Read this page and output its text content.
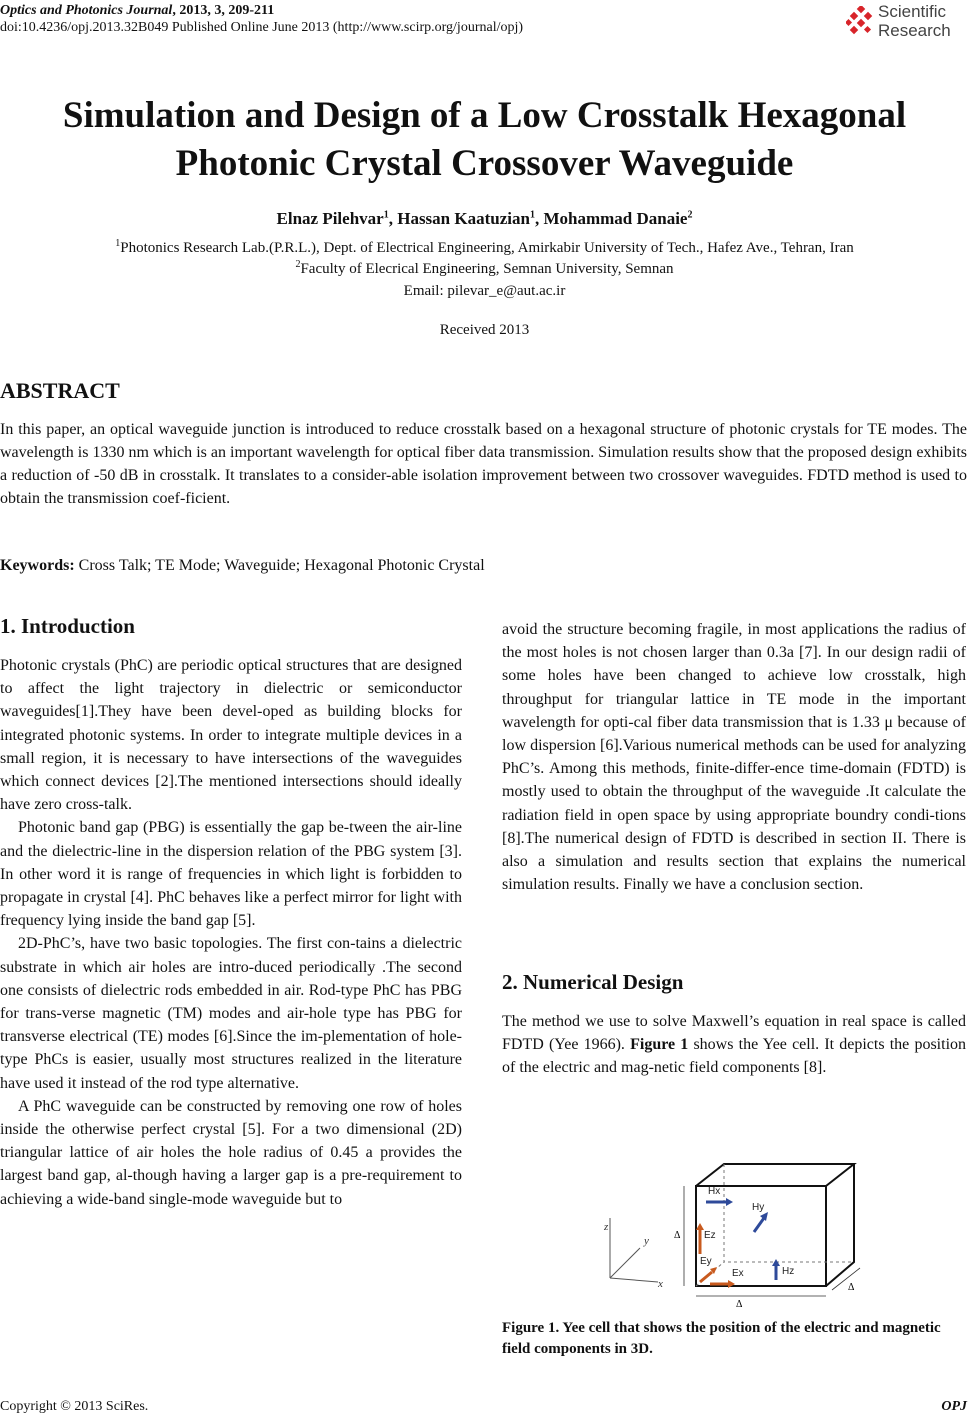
Optics and Photonics Journal, 2013, 3, 209-211
doi:10.4236/opj.2013.32B049 Published Online June 2013 (http://www.scirp.org/journal/opj)
Scientific
Research
Simulation and Design of a Low Crosstalk Hexagonal
Photonic Crystal Crossover Waveguide
Elnaz Pilehvar$^1$, Hassan Kaatuzian$^1$, Mohammad Danaie$^2$
$^1$Photonics Research Lab.(P.R.L.), Dept. of Electrical Engineering, Amirkabir University of Tech., Hafez Ave., Tehran, Iran
$^2$Faculty of Elecrical Engineering, Semnan University, Semnan
Email: pilevar_e@aut.ac.ir
Received 2013
ABSTRACT
In this paper, an optical waveguide junction is introduced to reduce crosstalk based on a hexagonal structure of photonic crystals for TE modes. The wavelength is 1330 nm which is an important wavelength for optical fiber data transmission. Simulation results show that the proposed design exhibits a reduction of -50 dB in crosstalk. It translates to a consider-able isolation improvement between two crossover waveguides. FDTD method is used to obtain the transmission coef-ficient.
Keywords: Cross Talk; TE Mode; Waveguide; Hexagonal Photonic Crystal
1. Introduction

Photonic crystals (PhC) are periodic optical structures that are designed to affect the light trajectory in dielectric or semiconductor waveguides[1].They have been devel-oped as building blocks for integrated photonic systems. In order to integrate multiple devices in a small region, it is necessary to have intersections of the waveguides which connect devices [2].The mentioned intersections should ideally have zero cross-talk.

Photonic band gap (PBG) is essentially the gap be-tween the air-line and the dielectric-line in the dispersion relation of the PBG system [3]. In other word it is range of frequencies in which light is forbidden to propagate in crystal [4]. PhC behaves like a perfect mirror for light with frequency lying inside the band gap [5].

2D-PhC’s, have two basic topologies. The first con-tains a dielectric substrate in which air holes are intro-duced periodically .The second one consists of dielectric rods embedded in air. Rod-type PhC has PBG for trans-verse magnetic (TM) modes and air-hole type has PBG for transverse electrical (TE) modes [6].Since the im-plementation of hole-type PhCs is easier, usually most structures realized in the literature have used it instead of the rod type alternative.

A PhC waveguide can be constructed by removing one row of holes inside the otherwise perfect crystal [5]. For a two dimensional (2D) triangular lattice of air holes the hole radius of 0.45 a provides the largest band gap, al-though having a larger gap is a pre-requirement to achieving a wide-band single-mode waveguide but to

avoid the structure becoming fragile, in most applications the radius of the most holes is not chosen larger than 0.3a [7]. In our design radii of some holes have been changed to achieve low crosstalk, high throughput for triangular lattice in TE mode in the important wavelength for opti-cal fiber data transmission that is 1.33 μ because of low dispersion [6].Various numerical methods can be used for analyzing PhC’s. Among this methods, finite-differ-ence time-domain (FDTD) is mostly used to obtain the throughput of the waveguide .It calculate the radiation field in open space by using appropriate boundry condi-tions [8].The numerical design of FDTD is described in section II. There is also a simulation and results section that explains the numerical simulation results. Finally we have a conclusion section.

2. Numerical Design

The method we use to solve Maxwell’s equation in real space is called FDTD (Yee 1966). Figure 1 shows the Yee cell. It depicts the position of the electric and mag-netic field components [8].

z
y
x
Δ
Δ
Δ
Hx
Hy
Hz
Ez
Ey
Ex
Figure 1. Yee cell that shows the position of the electric and magnetic field components in 3D.
Copyright © 2013 SciRes.	OPJ
